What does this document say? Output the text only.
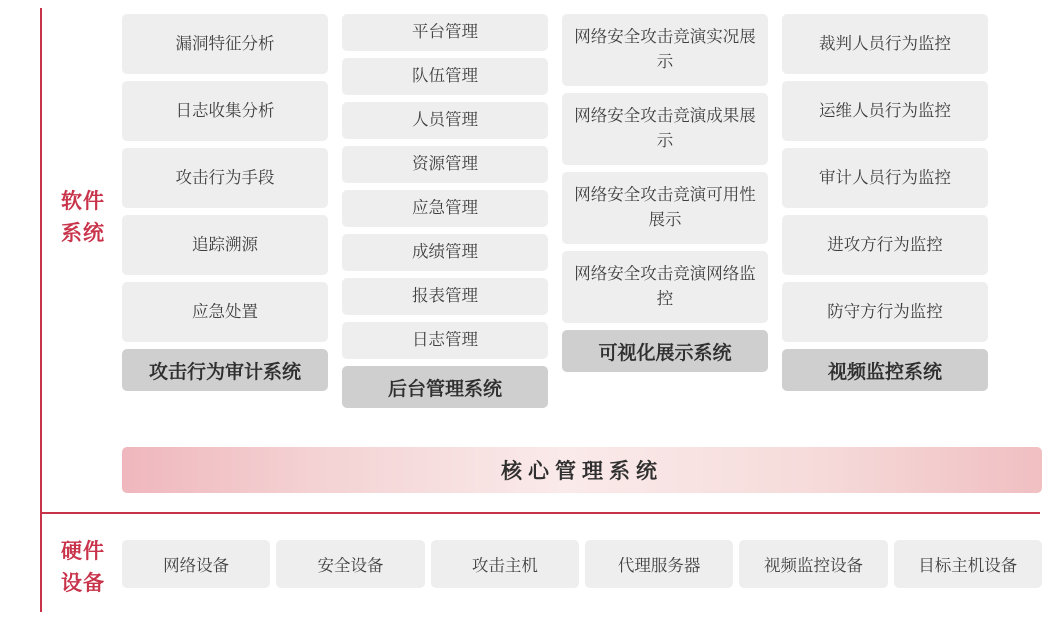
软件
系统
硬件
设备
漏洞特征分析
日志收集分析
攻击行为手段
追踪溯源
应急处置
攻击行为审计系统
平台管理
队伍管理
人员管理
资源管理
应急管理
成绩管理
报表管理
日志管理
后台管理系统
网络安全攻击竞演实况展示
网络安全攻击竞演成果展示
网络安全攻击竞演可用性展示
网络安全攻击竞演网络监控
可视化展示系统
裁判人员行为监控
运维人员行为监控
审计人员行为监控
进攻方行为监控
防守方行为监控
视频监控系统
核心管理系统
网络设备	安全设备	攻击主机	代理服务器	视频监控设备	目标主机设备
